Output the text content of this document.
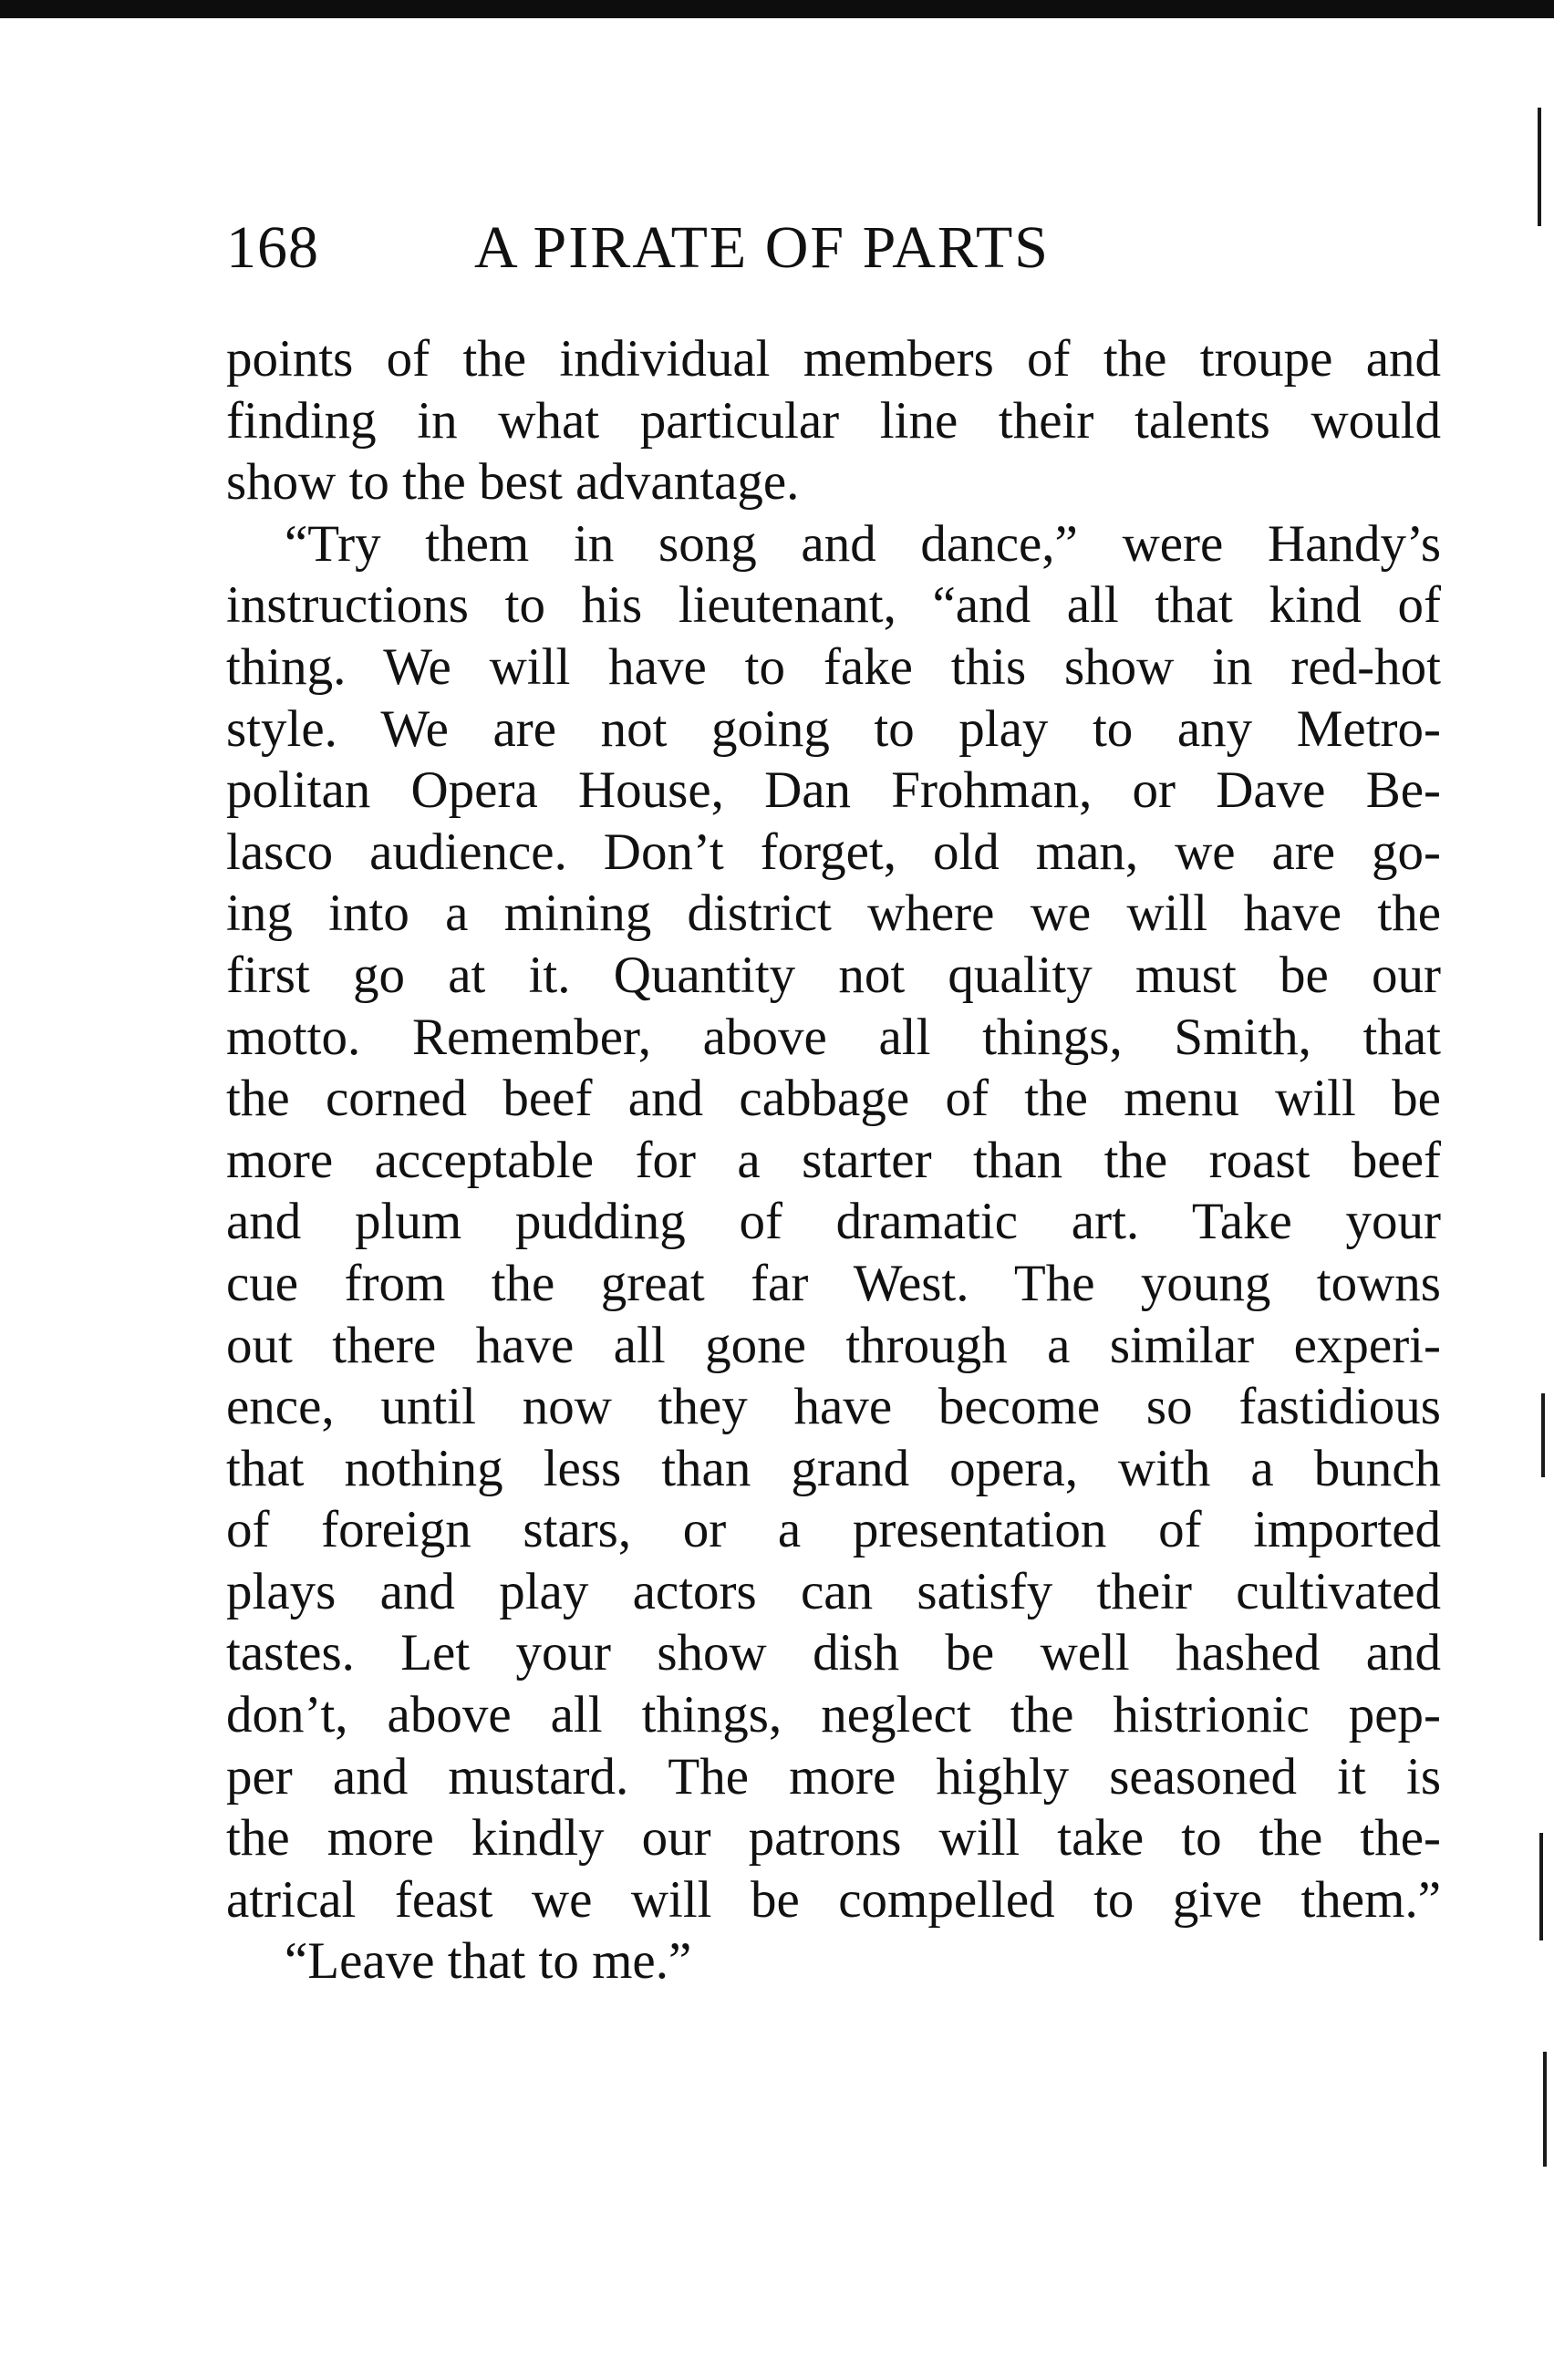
168	A PIRATE OF PARTS
points of the individual members of the troupe and
finding in what particular line their talents would
show to the best advantage.
“Try them in song and dance,” were Handy’s
instructions to his lieutenant, “and all that kind of
thing. We will have to fake this show in red-hot
style. We are not going to play to any Metro-
politan Opera House, Dan Frohman, or Dave Be-
lasco audience. Don’t forget, old man, we are go-
ing into a mining district where we will have the
first go at it. Quantity not quality must be our
motto. Remember, above all things, Smith, that
the corned beef and cabbage of the menu will be
more acceptable for a starter than the roast beef
and plum pudding of dramatic art. Take your
cue from the great far West. The young towns
out there have all gone through a similar experi-
ence, until now they have become so fastidious
that nothing less than grand opera, with a bunch
of foreign stars, or a presentation of imported
plays and play actors can satisfy their cultivated
tastes. Let your show dish be well hashed and
don’t, above all things, neglect the histrionic pep-
per and mustard. The more highly seasoned it is
the more kindly our patrons will take to the the-
atrical feast we will be compelled to give them.”
“Leave that to me.”
